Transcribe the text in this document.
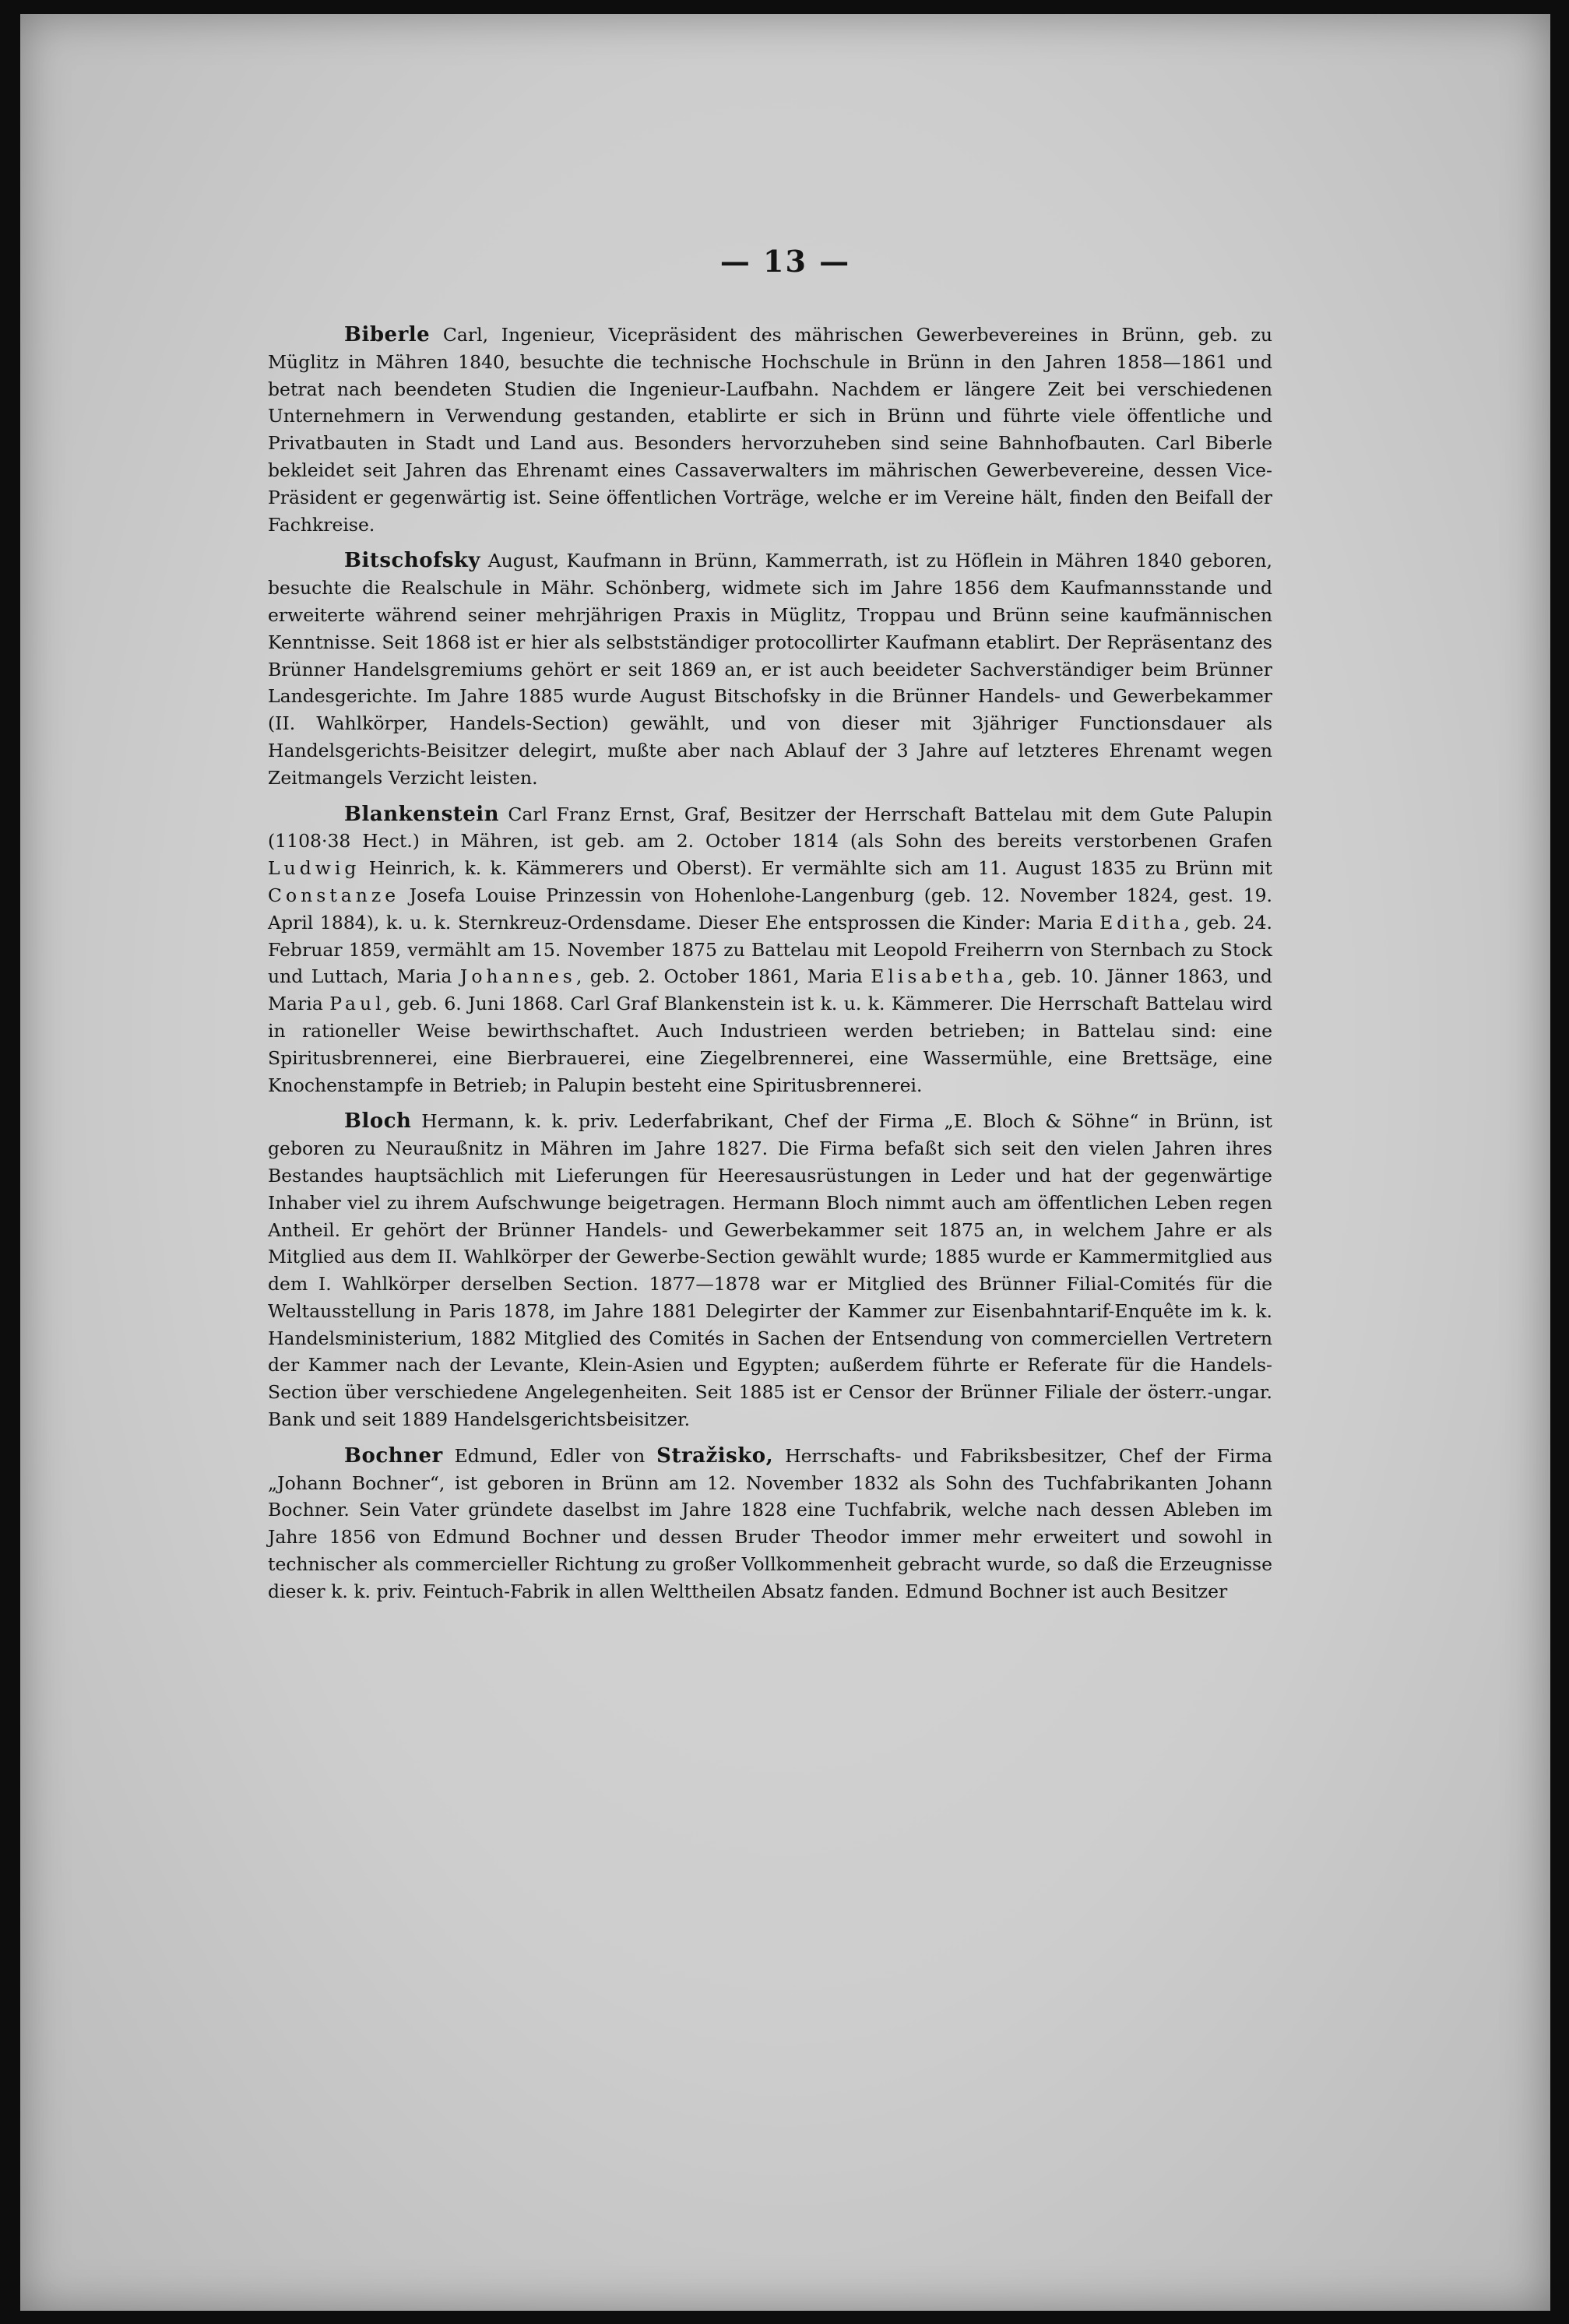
— 13 —

Biberle Carl, Ingenieur, Vicepräsident des mährischen Gewerbevereines in Brünn, geb. zu Müglitz in Mähren 1840, besuchte die technische Hochschule in Brünn in den Jahren 1858—1861 und betrat nach beendeten Studien die Ingenieur-Laufbahn. Nachdem er längere Zeit bei verschiedenen Unternehmern in Verwendung gestanden, etablirte er sich in Brünn und führte viele öffentliche und Privatbauten in Stadt und Land aus. Besonders hervorzuheben sind seine Bahnhofbauten. Carl Biberle bekleidet seit Jahren das Ehrenamt eines Cassaverwalters im mährischen Gewerbevereine, dessen Vice-Präsident er gegenwärtig ist. Seine öffentlichen Vorträge, welche er im Vereine hält, finden den Beifall der Fachkreise.

Bitschofsky August, Kaufmann in Brünn, Kammerrath, ist zu Höflein in Mähren 1840 geboren, besuchte die Realschule in Mähr. Schönberg, widmete sich im Jahre 1856 dem Kaufmannsstande und erweiterte während seiner mehrjährigen Praxis in Müglitz, Troppau und Brünn seine kaufmännischen Kenntnisse. Seit 1868 ist er hier als selbstständiger protocollirter Kaufmann etablirt. Der Repräsentanz des Brünner Handelsgremiums gehört er seit 1869 an, er ist auch beeideter Sachverständiger beim Brünner Landesgerichte. Im Jahre 1885 wurde August Bitschofsky in die Brünner Handels- und Gewerbekammer (II. Wahlkörper, Handels-Section) gewählt, und von dieser mit 3jähriger Functionsdauer als Handelsgerichts-Beisitzer delegirt, mußte aber nach Ablauf der 3 Jahre auf letzteres Ehrenamt wegen Zeitmangels Verzicht leisten.

Blankenstein Carl Franz Ernst, Graf, Besitzer der Herrschaft Battelau mit dem Gute Palupin (1108·38 Hect.) in Mähren, ist geb. am 2. October 1814 (als Sohn des bereits verstorbenen Grafen Ludwig Heinrich, k. k. Kämmerers und Oberst). Er vermählte sich am 11. August 1835 zu Brünn mit Constanze Josefa Louise Prinzessin von Hohenlohe-Langenburg (geb. 12. November 1824, gest. 19. April 1884), k. u. k. Sternkreuz-Ordensdame. Dieser Ehe entsprossen die Kinder: Maria Editha, geb. 24. Februar 1859, vermählt am 15. November 1875 zu Battelau mit Leopold Freiherrn von Sternbach zu Stock und Luttach, Maria Johannes, geb. 2. October 1861, Maria Elisabetha, geb. 10. Jänner 1863, und Maria Paul, geb. 6. Juni 1868. Carl Graf Blankenstein ist k. u. k. Kämmerer. Die Herrschaft Battelau wird in rationeller Weise bewirthschaftet. Auch Industrieen werden betrieben; in Battelau sind: eine Spiritusbrennerei, eine Bierbrauerei, eine Ziegelbrennerei, eine Wassermühle, eine Brettsäge, eine Knochenstampfe in Betrieb; in Palupin besteht eine Spiritusbrennerei.

Bloch Hermann, k. k. priv. Lederfabrikant, Chef der Firma „E. Bloch & Söhne“ in Brünn, ist geboren zu Neuraußnitz in Mähren im Jahre 1827. Die Firma befaßt sich seit den vielen Jahren ihres Bestandes hauptsächlich mit Lieferungen für Heeresausrüstungen in Leder und hat der gegenwärtige Inhaber viel zu ihrem Aufschwunge beigetragen. Hermann Bloch nimmt auch am öffentlichen Leben regen Antheil. Er gehört der Brünner Handels- und Gewerbekammer seit 1875 an, in welchem Jahre er als Mitglied aus dem II. Wahlkörper der Gewerbe-Section gewählt wurde; 1885 wurde er Kammermitglied aus dem I. Wahlkörper derselben Section. 1877—1878 war er Mitglied des Brünner Filial-Comités für die Weltausstellung in Paris 1878, im Jahre 1881 Delegirter der Kammer zur Eisenbahntarif-Enquête im k. k. Handelsministerium, 1882 Mitglied des Comités in Sachen der Entsendung von commerciellen Vertretern der Kammer nach der Levante, Klein-Asien und Egypten; außerdem führte er Referate für die Handels-Section über verschiedene Angelegenheiten. Seit 1885 ist er Censor der Brünner Filiale der österr.-ungar. Bank und seit 1889 Handelsgerichtsbeisitzer.

Bochner Edmund, Edler von Stražisko, Herrschafts- und Fabriksbesitzer, Chef der Firma „Johann Bochner“, ist geboren in Brünn am 12. November 1832 als Sohn des Tuchfabrikanten Johann Bochner. Sein Vater gründete daselbst im Jahre 1828 eine Tuchfabrik, welche nach dessen Ableben im Jahre 1856 von Edmund Bochner und dessen Bruder Theodor immer mehr erweitert und sowohl in technischer als commercieller Richtung zu großer Vollkommenheit gebracht wurde, so daß die Erzeugnisse dieser k. k. priv. Feintuch-Fabrik in allen Welttheilen Absatz fanden. Edmund Bochner ist auch Besitzer
